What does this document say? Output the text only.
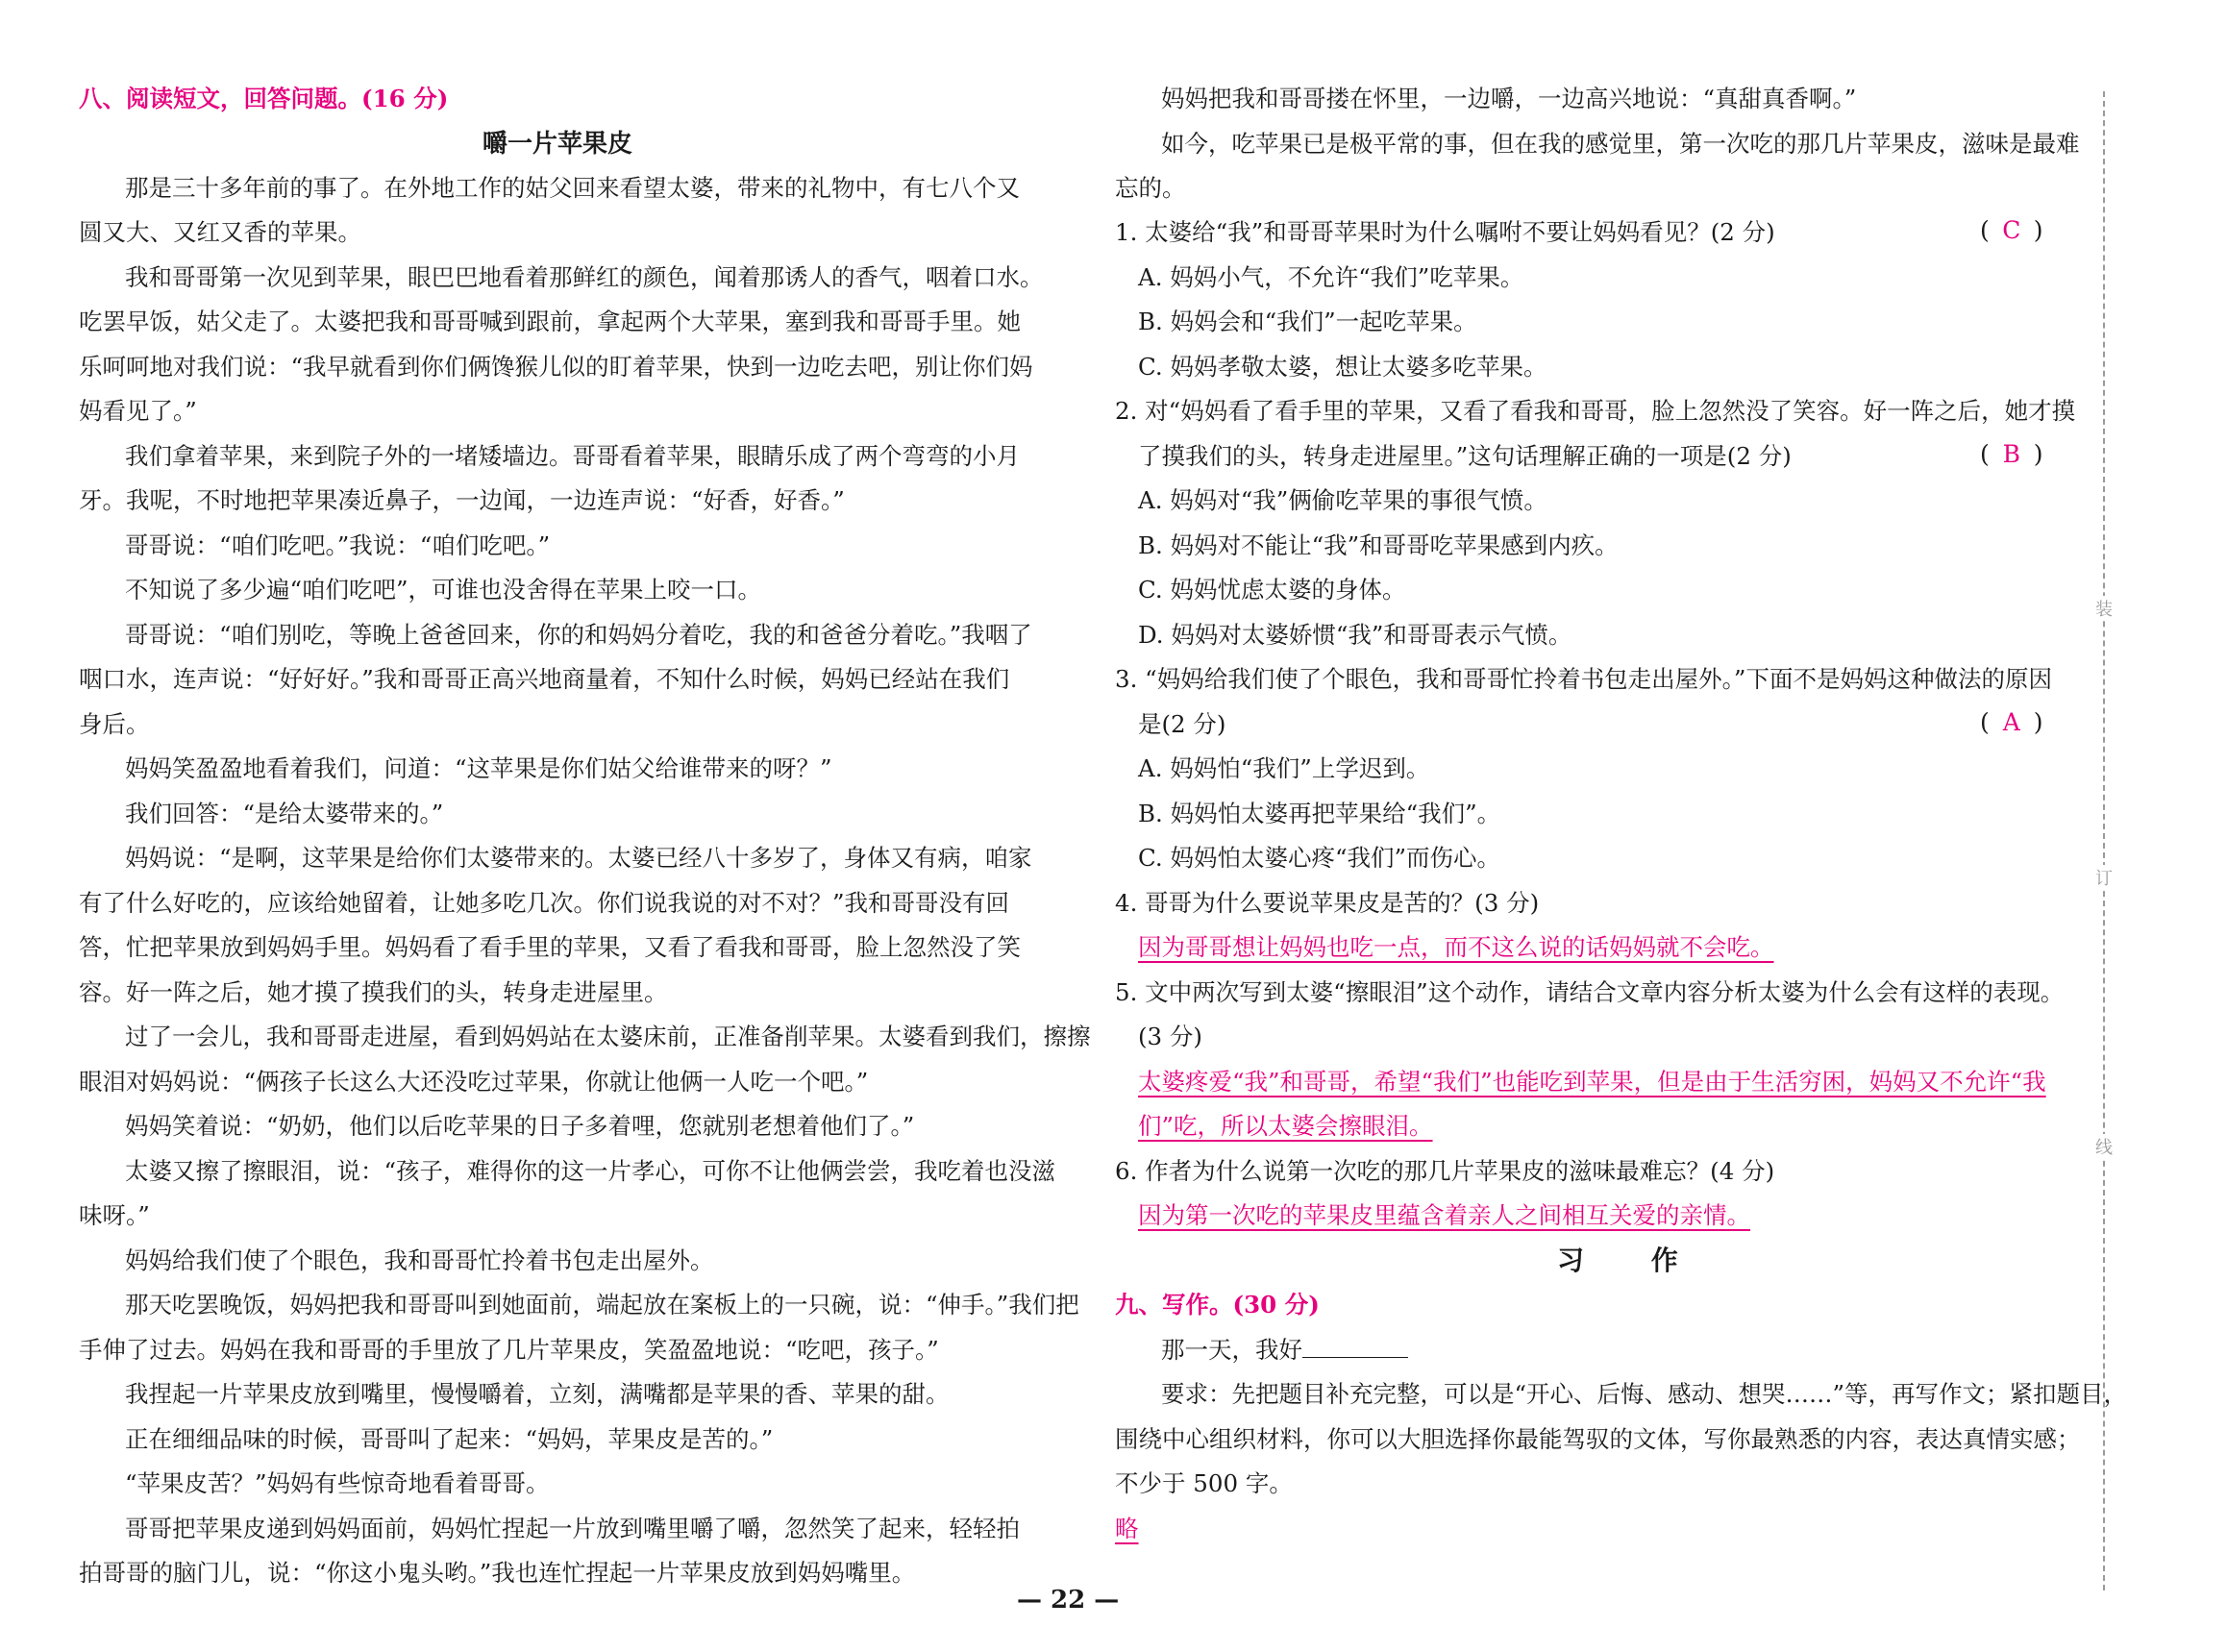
八、阅读短文，回答问题。(16 分)
嚼一片苹果皮
那是三十多年前的事了。在外地工作的姑父回来看望太婆，带来的礼物中，有七八个又
圆又大、又红又香的苹果。
我和哥哥第一次见到苹果，眼巴巴地看着那鲜红的颜色，闻着那诱人的香气，咽着口水。
吃罢早饭，姑父走了。太婆把我和哥哥喊到跟前，拿起两个大苹果，塞到我和哥哥手里。她
乐呵呵地对我们说：“我早就看到你们俩馋猴儿似的盯着苹果，快到一边吃去吧，别让你们妈
妈看见了。”
我们拿着苹果，来到院子外的一堵矮墙边。哥哥看着苹果，眼睛乐成了两个弯弯的小月
牙。我呢，不时地把苹果凑近鼻子，一边闻，一边连声说：“好香，好香。”
哥哥说：“咱们吃吧。”我说：“咱们吃吧。”
不知说了多少遍“咱们吃吧”，可谁也没舍得在苹果上咬一口。
哥哥说：“咱们别吃，等晚上爸爸回来，你的和妈妈分着吃，我的和爸爸分着吃。”我咽了
咽口水，连声说：“好好好。”我和哥哥正高兴地商量着，不知什么时候，妈妈已经站在我们
身后。
妈妈笑盈盈地看着我们，问道：“这苹果是你们姑父给谁带来的呀？”
我们回答：“是给太婆带来的。”
妈妈说：“是啊，这苹果是给你们太婆带来的。太婆已经八十多岁了，身体又有病，咱家
有了什么好吃的，应该给她留着，让她多吃几次。你们说我说的对不对？”我和哥哥没有回
答，忙把苹果放到妈妈手里。妈妈看了看手里的苹果，又看了看我和哥哥，脸上忽然没了笑
容。好一阵之后，她才摸了摸我们的头，转身走进屋里。
过了一会儿，我和哥哥走进屋，看到妈妈站在太婆床前，正准备削苹果。太婆看到我们，擦擦
眼泪对妈妈说：“俩孩子长这么大还没吃过苹果，你就让他俩一人吃一个吧。”
妈妈笑着说：“奶奶，他们以后吃苹果的日子多着哩，您就别老想着他们了。”
太婆又擦了擦眼泪，说：“孩子，难得你的这一片孝心，可你不让他俩尝尝，我吃着也没滋
味呀。”
妈妈给我们使了个眼色，我和哥哥忙拎着书包走出屋外。
那天吃罢晚饭，妈妈把我和哥哥叫到她面前，端起放在案板上的一只碗，说：“伸手。”我们把
手伸了过去。妈妈在我和哥哥的手里放了几片苹果皮，笑盈盈地说：“吃吧，孩子。”
我捏起一片苹果皮放到嘴里，慢慢嚼着，立刻，满嘴都是苹果的香、苹果的甜。
正在细细品味的时候，哥哥叫了起来：“妈妈，苹果皮是苦的。”
“苹果皮苦？”妈妈有些惊奇地看着哥哥。
哥哥把苹果皮递到妈妈面前，妈妈忙捏起一片放到嘴里嚼了嚼，忽然笑了起来，轻轻拍
拍哥哥的脑门儿，说：“你这小鬼头哟。”我也连忙捏起一片苹果皮放到妈妈嘴里。
妈妈把我和哥哥搂在怀里，一边嚼，一边高兴地说：“真甜真香啊。”
如今，吃苹果已是极平常的事，但在我的感觉里，第一次吃的那几片苹果皮，滋味是最难
忘的。
1. 太婆给“我”和哥哥苹果时为什么嘱咐不要让妈妈看见？(2 分)	( C )
A. 妈妈小气，不允许“我们”吃苹果。
B. 妈妈会和“我们”一起吃苹果。
C. 妈妈孝敬太婆，想让太婆多吃苹果。
2. 对“妈妈看了看手里的苹果，又看了看我和哥哥，脸上忽然没了笑容。好一阵之后，她才摸
了摸我们的头，转身走进屋里。”这句话理解正确的一项是(2 分)	( B )
A. 妈妈对“我”俩偷吃苹果的事很气愤。
B. 妈妈对不能让“我”和哥哥吃苹果感到内疚。
C. 妈妈忧虑太婆的身体。
D. 妈妈对太婆娇惯“我”和哥哥表示气愤。
3. “妈妈给我们使了个眼色，我和哥哥忙拎着书包走出屋外。”下面不是妈妈这种做法的原因
是(2 分)	( A )
A. 妈妈怕“我们”上学迟到。
B. 妈妈怕太婆再把苹果给“我们”。
C. 妈妈怕太婆心疼“我们”而伤心。
4. 哥哥为什么要说苹果皮是苦的？(3 分)
因为哥哥想让妈妈也吃一点，而不这么说的话妈妈就不会吃。
5. 文中两次写到太婆“擦眼泪”这个动作，请结合文章内容分析太婆为什么会有这样的表现。
(3 分)
太婆疼爱“我”和哥哥，希望“我们”也能吃到苹果，但是由于生活穷困，妈妈又不允许“我
们”吃，所以太婆会擦眼泪。
6. 作者为什么说第一次吃的那几片苹果皮的滋味最难忘？(4 分)
因为第一次吃的苹果皮里蕴含着亲人之间相互关爱的亲情。
习 作
九、写作。(30 分)
那一天，我好
要求：先把题目补充完整，可以是“开心、后悔、感动、想哭……”等，再写作文；紧扣题目，
围绕中心组织材料，你可以大胆选择你最能驾驭的文体，写你最熟悉的内容，表达真情实感；
不少于 500 字。
略
装
订
线
— 22 —
